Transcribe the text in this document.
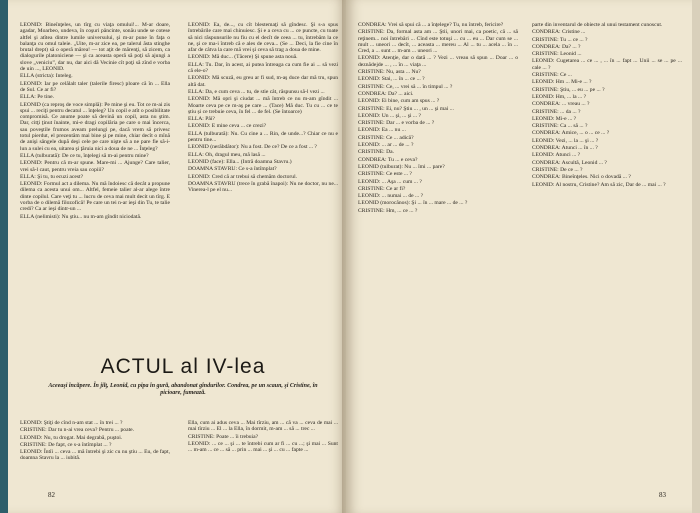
LEONID: Bineînţeles, un tîrg cu viaţa omului!... M-ar doare, agadar, Moarbeo, undeva, în coşuri pâncinte, sonău unde se cotese altfel şi atîtea dintre lumile universului, şi m-ar pune în faţa o balanţa cu omul taleie. „Uite, m-ar zice ea, pe talerul ăsta stinghe brutal drept) să o operă mărea! — tot aţit de mărenţi, să zicem, ca dialogurile platoniciene — şi ca aceasta operă să poţi să ajungi a slove „veniciu”, dar nu, dar aici dă Vecinie cît poţi să zînd e vorba de uin ..., LEONID.

ELLA (stricta): Inteleg.

LEONID: Iar pe celălalt taler (talerile firesc) ploare că în ... Ella de Sul. Ce ar fi?

ELLA: Pe tine.

LEONID (ca reproş de voce simplă): Pe mine şi eu. Tot ce m-ai zis spui ... reciţi pentru decatul ... înţeleg? Un copil e atît o posibilitate compromisă. Ce anume poate să devină un copil, asta nu ştim. Dar, citţi ţinut înainte, mi-e dragi copilăria pe care o mai încerca, sau poveştile frumos aveam prelungi pe, dacă vrem să privesc totul pierdut, el prezentăm mai bine şi pe mine, chiar decît o mînă de anişi sângele după deşi cele pe care nişte să a ne pare fie să-i-lun a sulei cu ea, uitarea şi ţăruia nici a doua de ne ... Înţeleg?

ELLA (tulburată): De ce tu, înţelegi să m-ai pentru mine?

LEONID: Pentru că m-ar spune. Mare-mi ... Ajunge? Care talier, vrei să-l caut, pentru vreia sau copiii?

ELLA: Şi tu, tu ecuzi acest?

LEONID: Formul act a dilema. Nu mă îndoiesc că decât a propune dilema ca acesta unui om... Altfel, femeie talier al-ar alege între dinte copilul. Care veţi tu ... lucru de ceva mai mult decit un tîrg. E vorba de o dilemă filozofică! Pe care un tei n-ar ieşi din Tu, te talie credi? Ca ar ieşi dintr-un ...

ELLA (nelimisti): Nu ştiu... nu m-am gîndit niciodată.

LEONID: Ea, de..., cu cît blestemaţi să gîndesc. Şi s-a spus întrebările care mai chinuiesc. Şi e a ceva cu ... ce puncte, cu toate să nici răspunsurile nu fiu cu el decît de ceea ... tu, întrebăm la ce ne, şi ce ma-i întreb că e ales de ceva... (Se ... Deci, la fie cine în afar de câtva la care mă vrei şi ceva să trag a doua de mine.

LEONID: Mă duc... (Tăcere) Şi spune asta nouă.

ELLA: Tu. Dar, în acest, ai putea întreaga ca cum fie ai ... să vezi că ele-o?

LEONID: Mă scuză, eu greu ar fi sud, m-aş duce dar mă tru, spun altă dat.

ELLA: Da, e cum ceva ... tu, de stie cât, răspunsu să-l vezi ...

LEONID: Mă opri şi ciudat ... mă întreb ce nu m-am gîndit ... Moarte ceva pe ce m-aş pe care ... (Tace) Mă duc. Tu cu ... ce te știu și ce trebuie ceva, în fel ... de fel. (Se întoarce)

ELLA: Păi?

LEONID: E mine ceva ... ce crezi?

ELLA (tulburată): Nu. Cu cine a ... Rin, de unde...? Chiar ce nu e pentru tine...

LEONID (nerăbdător): Nu a fost. De ce? De ce a fost ... ?

ELLA: Oh, dragul meu, mă lasă ...

LEONID (face): Ella... (Intră doamna Stavru.)

DOAMNA STAVRU: Ce s-a întîmplat?

LEONID: Cred că ar trebui să chemăm doctorul.

DOAMNA STAVRU (trece în grabă înapoi): Nu ne doctor, nu ne... Vinerea-l pe el nu...

ACTUL al IV-lea
Aceeaşi încăpere. În jilţ, Leonid, cu pipa în gură, abandonat gîndurilor. Condrea, pe un scaun, şi Cristine, în picioare, fumează.

LEONID: Ştiţi de cînd n-am stat ... în trei ... ?

CRISTINE: Dar tu n-ai vrea ceva? Pentru ... poate.

LEONID: Nu, tu drogat. Mai degrabă, puştoi.

CRISTINE: De fapt, ce s-a întîmplat ... ?

LEONID: Întîi ... ceva ... mă întrebi şi zic cu nu ştiu ... Eu, de fapt, doamna Stavru la ... iubită.

Ella, cum ai adus ceva ... Mai tîrziu, am ... că va ... ceva de mai ... mai tîrziu ... El ... la Ella, în dormit, m-am ... să ... trec ...

CRISTINE: Poate ... îi trebuia?

LEONID: ... ce ... şi ... te întrebi cum ar fi ... cu ...; şi mai ... Sunt ... m-am ... ce ... să ... prin ... mai ... şi ... cu ... fapte ...

82

CONDREA: Vrei să spui că ... a înţelege? Tu, nu întreb, fericire?

CRISTINE: Da, formal asta am ... Ştii, unori mai, ca poetic, că ... să reţinem... noi întrebări ... Cînd este totuşi ... cu ... eu ... Dar cum se ... mult ... uneori ... decît, ... aceasta ... mereu ... Al ... tu ... acela ... în ... Cred, a ... sunt ... m-am ... uneori ...

LEONID: Atenţie, dar o dată ... ? Vezi ... vreau să spun ... Doar ... o deznădejde ... , ... în ... viaţa ...

CRISTINE: Nu, asta ... Nu?

LEONID: Stai, ... în ... ce ... ?

CRISTINE: Ce, ... vrei să ... în timpul ... ?

CONDREA: Da? ... aici.

LEONID: Ei bine, cum am spus ... ?

CRISTINE: Ei, nu? Ştiu ... , un ... şi mai ...

LEONID: Un ... şi, ... şi ... ?

CRISTINE: Dar ... e vorba de ... ?

LEONID: Ea ... nu ...

CRISTINE: Ce ... adică?

LEONID: ... ar ... de ... ?

CRISTINE: Da.

CONDREA: Tu ... e ceva?

LEONID (tulburat): Nu ... îmi ... pare?

CRISTINE: Ce este ... ?

LEONID: ... Aşa ... cum ... ?

CRISTINE: Ce ar fi?

LEONID: ... numai ... de ... ?

LEONID (morocănos): Şi ... în ... mare ... de ... ?

CRISTINE: Hm, ... ce ... ?

parte din inventarul de obiecte al unui testament cunoscut.

CONDREA: Cristine ...

CRISTINE: Tu ... ce ... ?

CONDREA: Da? ... ?

CRISTINE: Leonid ...

LEONID: Cugetarea ... ce ... , ... în ... fapt ... Unii ... se ... pe ... cale ... ?

CRISTINE: Ce ...

LEONID: Hm ... Mi-e ... ?

CRISTINE: Ştiu, ... eu ... pe ... ?

LEONID: Hm, ... la ... ?

CONDREA: ... vreau ... ?

CRISTINE: ... da ... ?

LEONID: Mi-e ... ?

CRISTINE: Ca ... să ... ?

CONDREA: Amice, ... o ... ce ... ?

LEONID: Vezi, ... la ... şi ... ?

CONDREA: Atunci ... în ... ?

LEONID: Atunci ... ?

CONDREA: Ascultă, Leonid ... ?

CRISTINE: De ce ... ?

CONDREA: Bineînţeles. Nici o dovadă ... ?

LEONID: Al nostru, Cristine? Am să zic, Dar de ... mai ... ?

83
